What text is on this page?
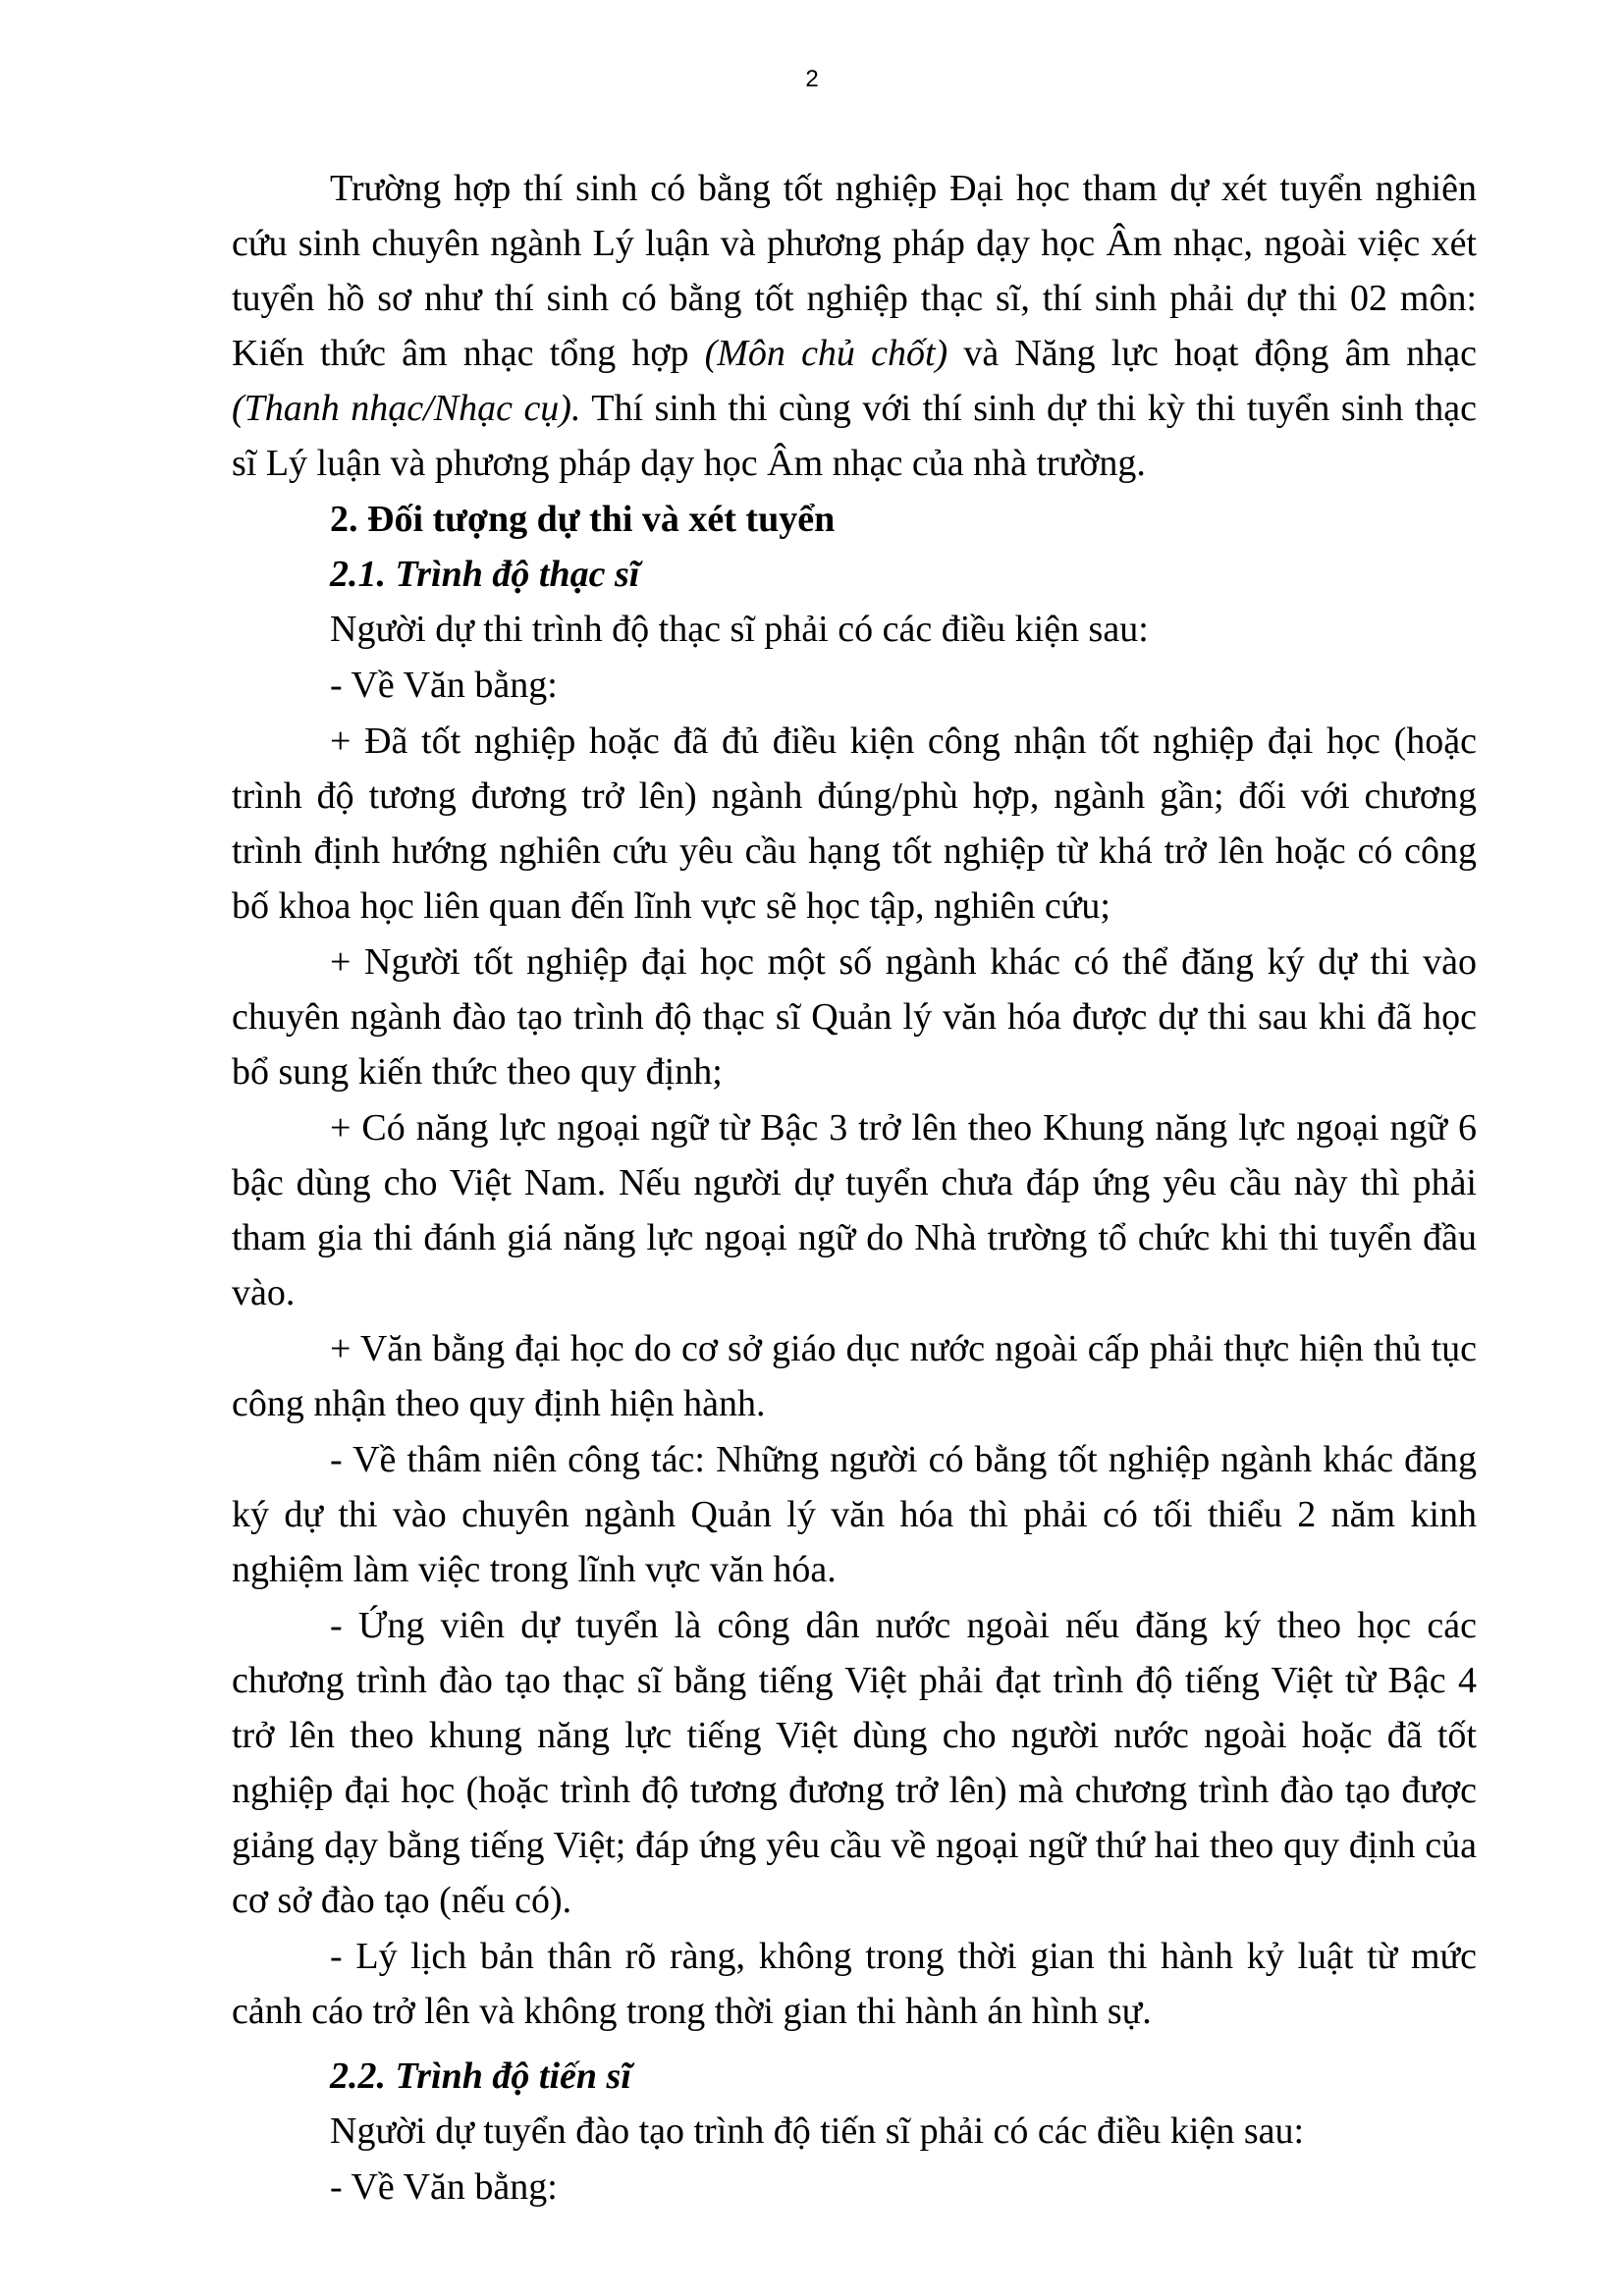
2

Trường hợp thí sinh có bằng tốt nghiệp Đại học tham dự xét tuyển nghiên cứu sinh chuyên ngành Lý luận và phương pháp dạy học Âm nhạc, ngoài việc xét tuyển hồ sơ như thí sinh có bằng tốt nghiệp thạc sĩ, thí sinh phải dự thi 02 môn: Kiến thức âm nhạc tổng hợp (Môn chủ chốt) và Năng lực hoạt động âm nhạc (Thanh nhạc/Nhạc cụ). Thí sinh thi cùng với thí sinh dự thi kỳ thi tuyển sinh thạc sĩ Lý luận và phương pháp dạy học Âm nhạc của nhà trường.

2. Đối tượng dự thi và xét tuyển

2.1. Trình độ thạc sĩ

Người dự thi trình độ thạc sĩ phải có các điều kiện sau:

- Về Văn bằng:

+ Đã tốt nghiệp hoặc đã đủ điều kiện công nhận tốt nghiệp đại học (hoặc trình độ tương đương trở lên) ngành đúng/phù hợp, ngành gần; đối với chương trình định hướng nghiên cứu yêu cầu hạng tốt nghiệp từ khá trở lên hoặc có công bố khoa học liên quan đến lĩnh vực sẽ học tập, nghiên cứu;

+ Người tốt nghiệp đại học một số ngành khác có thể đăng ký dự thi vào chuyên ngành đào tạo trình độ thạc sĩ Quản lý văn hóa được dự thi sau khi đã học bổ sung kiến thức theo quy định;

+ Có năng lực ngoại ngữ từ Bậc 3 trở lên theo Khung năng lực ngoại ngữ 6 bậc dùng cho Việt Nam. Nếu người dự tuyển chưa đáp ứng yêu cầu này thì phải tham gia thi đánh giá năng lực ngoại ngữ do Nhà trường tổ chức khi thi tuyển đầu vào.

+ Văn bằng đại học do cơ sở giáo dục nước ngoài cấp phải thực hiện thủ tục công nhận theo quy định hiện hành.

- Về thâm niên công tác: Những người có bằng tốt nghiệp ngành khác đăng ký dự thi vào chuyên ngành Quản lý văn hóa thì phải có tối thiểu 2 năm kinh nghiệm làm việc trong lĩnh vực văn hóa.

- Ứng viên dự tuyển là công dân nước ngoài nếu đăng ký theo học các chương trình đào tạo thạc sĩ bằng tiếng Việt phải đạt trình độ tiếng Việt từ Bậc 4 trở lên theo khung năng lực tiếng Việt dùng cho người nước ngoài hoặc đã tốt nghiệp đại học (hoặc trình độ tương đương trở lên) mà chương trình đào tạo được giảng dạy bằng tiếng Việt; đáp ứng yêu cầu về ngoại ngữ thứ hai theo quy định của cơ sở đào tạo (nếu có).

- Lý lịch bản thân rõ ràng, không trong thời gian thi hành kỷ luật từ mức cảnh cáo trở lên và không trong thời gian thi hành án hình sự.

2.2. Trình độ tiến sĩ

Người dự tuyển đào tạo trình độ tiến sĩ phải có các điều kiện sau:

- Về Văn bằng:
